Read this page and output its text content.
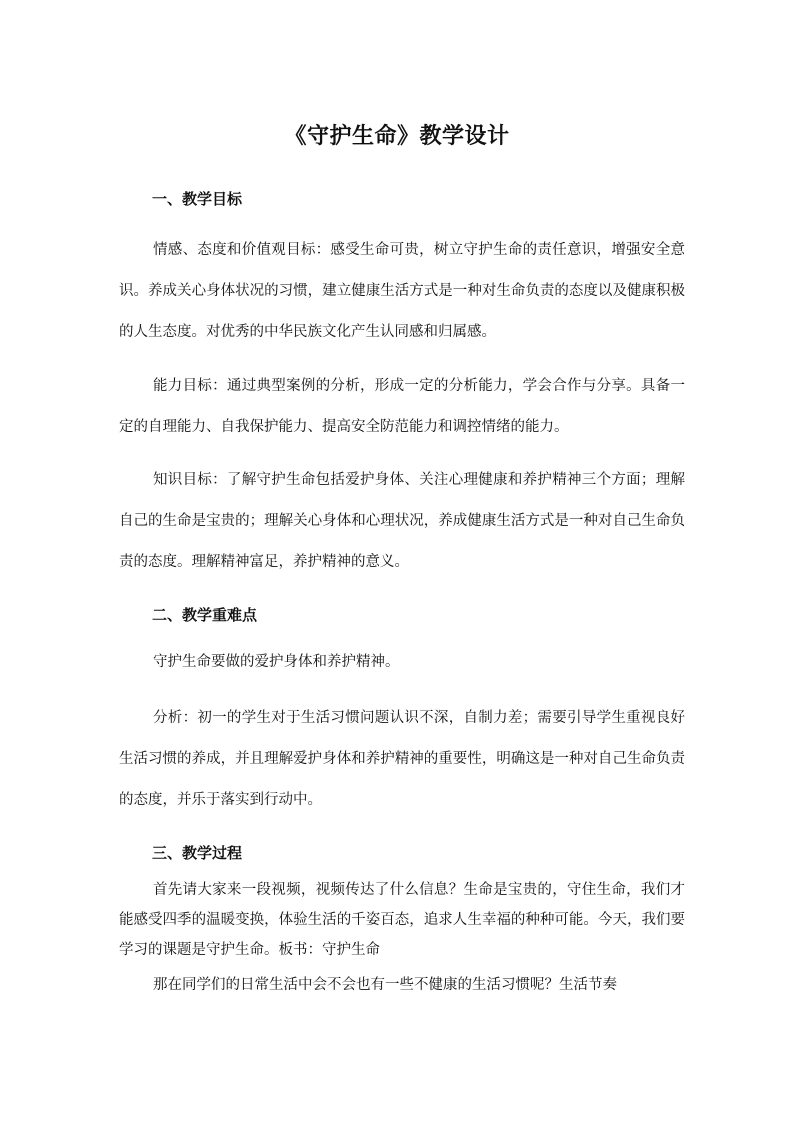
《守护生命》教学设计
一、教学目标

情感、态度和价值观目标：感受生命可贵，树立守护生命的责任意识，增强安全意识。养成关心身体状况的习惯，建立健康生活方式是一种对生命负责的态度以及健康积极的人生态度。对优秀的中华民族文化产生认同感和归属感。

能力目标：通过典型案例的分析，形成一定的分析能力，学会合作与分享。具备一定的自理能力、自我保护能力、提高安全防范能力和调控情绪的能力。

知识目标：了解守护生命包括爱护身体、关注心理健康和养护精神三个方面；理解自己的生命是宝贵的；理解关心身体和心理状况，养成健康生活方式是一种对自己生命负责的态度。理解精神富足，养护精神的意义。

二、教学重难点

守护生命要做的爱护身体和养护精神。

分析：初一的学生对于生活习惯问题认识不深，自制力差；需要引导学生重视良好生活习惯的养成，并且理解爱护身体和养护精神的重要性，明确这是一种对自己生命负责的态度，并乐于落实到行动中。

三、教学过程

首先请大家来一段视频，视频传达了什么信息？生命是宝贵的，守住生命，我们才能感受四季的温暖变换，体验生活的千姿百态，追求人生幸福的种种可能。今天，我们要学习的课题是守护生命。板书：守护生命

那在同学们的日常生活中会不会也有一些不健康的生活习惯呢？生活节奏
